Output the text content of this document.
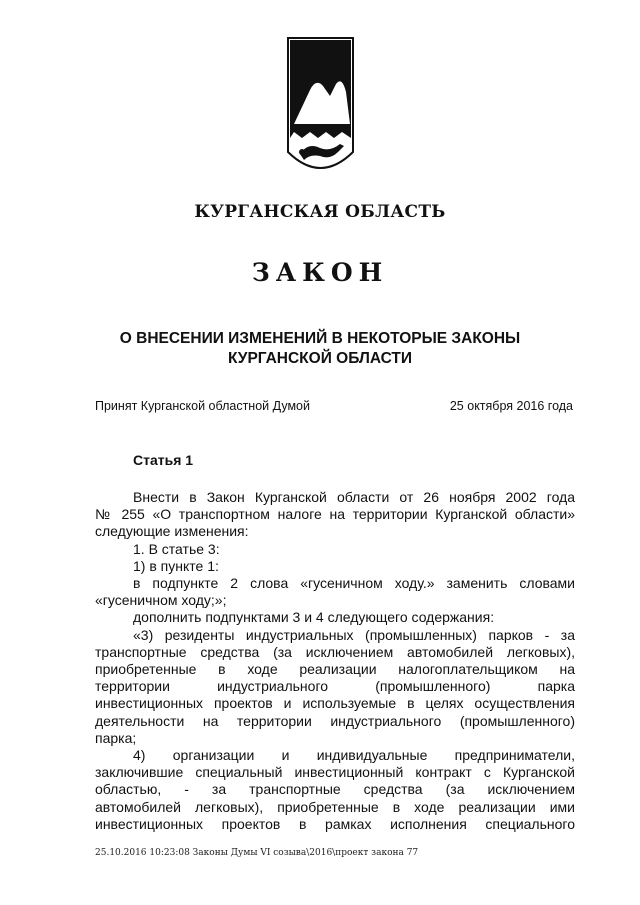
КУРГАНСКАЯ ОБЛАСТЬ
ЗАКОН
О ВНЕСЕНИИ ИЗМЕНЕНИЙ В НЕКОТОРЫЕ ЗАКОНЫ
КУРГАНСКОЙ ОБЛАСТИ
Принят Курганской областной Думой	25 октября 2016 года
Статья 1
Внести в Закон Курганской области от 26 ноября 2002 года
№ 255 «О транспортном налоге на территории Курганской области»
следующие изменения:
1. В статье 3:
1) в пункте 1:
в подпункте 2 слова «гусеничном ходу.» заменить словами
«гусеничном ходу;»;
дополнить подпунктами 3 и 4 следующего содержания:
«3) резиденты индустриальных (промышленных) парков - за
транспортные средства (за исключением автомобилей легковых),
приобретенные в ходе реализации налогоплательщиком на
территории индустриального (промышленного) парка
инвестиционных проектов и используемые в целях осуществления
деятельности на территории индустриального (промышленного)
парка;
4) организации и индивидуальные предприниматели,
заключившие специальный инвестиционный контракт с Курганской
областью, - за транспортные средства (за исключением
автомобилей легковых), приобретенные в ходе реализации ими
инвестиционных проектов в рамках исполнения специального
25.10.2016 10:23:08 Законы Думы VI созыва\2016\проект закона 77
